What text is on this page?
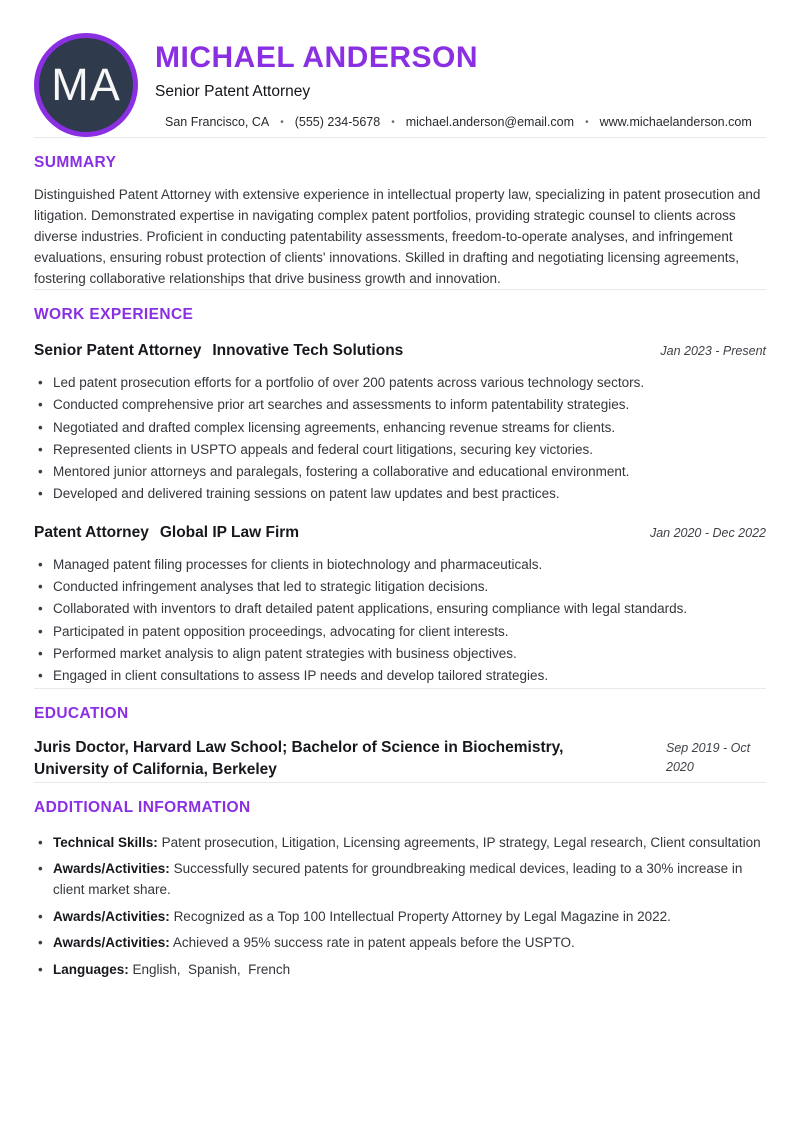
MA
MICHAEL ANDERSON
Senior Patent Attorney
San Francisco, CA • (555) 234-5678 • michael.anderson@email.com • www.michaelanderson.com
SUMMARY

Distinguished Patent Attorney with extensive experience in intellectual property law, specializing in patent prosecution and litigation. Demonstrated expertise in navigating complex patent portfolios, providing strategic counsel to clients across diverse industries. Proficient in conducting patentability assessments, freedom-to-operate analyses, and infringement evaluations, ensuring robust protection of clients' innovations. Skilled in drafting and negotiating licensing agreements, fostering collaborative relationships that drive business growth and innovation.

WORK EXPERIENCE
Senior Patent Attorney Innovative Tech Solutions	Jan 2023 - Present
• Led patent prosecution efforts for a portfolio of over 200 patents across various technology sectors.
• Conducted comprehensive prior art searches and assessments to inform patentability strategies.
• Negotiated and drafted complex licensing agreements, enhancing revenue streams for clients.
• Represented clients in USPTO appeals and federal court litigations, securing key victories.
• Mentored junior attorneys and paralegals, fostering a collaborative and educational environment.
• Developed and delivered training sessions on patent law updates and best practices.
Patent Attorney Global IP Law Firm	Jan 2020 - Dec 2022
• Managed patent filing processes for clients in biotechnology and pharmaceuticals.
• Conducted infringement analyses that led to strategic litigation decisions.
• Collaborated with inventors to draft detailed patent applications, ensuring compliance with legal standards.
• Participated in patent opposition proceedings, advocating for client interests.
• Performed market analysis to align patent strategies with business objectives.
• Engaged in client consultations to assess IP needs and develop tailored strategies.
EDUCATION
Juris Doctor, Harvard Law School; Bachelor of Science in Biochemistry, University of California, Berkeley
Sep 2019 - Oct 2020
ADDITIONAL INFORMATION
• Technical Skills: Patent prosecution, Litigation, Licensing agreements, IP strategy, Legal research, Client consultation
• Awards/Activities: Successfully secured patents for groundbreaking medical devices, leading to a 30% increase in client market share.
• Awards/Activities: Recognized as a Top 100 Intellectual Property Attorney by Legal Magazine in 2022.
• Awards/Activities: Achieved a 95% success rate in patent appeals before the USPTO.
• Languages: English,  Spanish,  French
